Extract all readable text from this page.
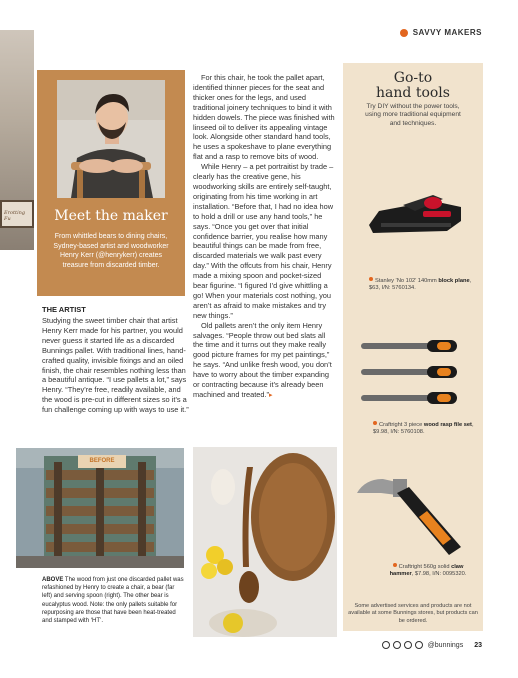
SAVVY MAKERS
Erotting Fu	Meet the maker

From whittled bears to dining chairs, Sydney-based artist and woodworker Henry Kerr (@henrykerr) creates treasure from discarded timber.

THE ARTIST

Studying the sweet timber chair that artist Henry Kerr made for his partner, you would never guess it started life as a discarded Bunnings pallet. With traditional lines, hand-crafted quality, invisible fixings and an oiled finish, the chair resembles nothing less than a beautiful antique. “I use pallets a lot,” says Henry. “They’re free, readily available, and the wood is pre-cut in different sizes so it’s a fun challenge coming up with ways to use it.”

For this chair, he took the pallet apart, identified thinner pieces for the seat and thicker ones for the legs, and used traditional joinery techniques to bind it with hidden dowels. The piece was finished with linseed oil to deliver its appealing vintage look. Alongside other standard hand tools, he uses a spokeshave to plane everything flat and a rasp to remove bits of wood.

While Henry – a pet portraitist by trade – clearly has the creative gene, his woodworking skills are entirely self-taught, originating from his time working in art installation. “Before that, I had no idea how to hold a drill or use any hand tools,” he says. “Once you get over that initial confidence barrier, you realise how many beautiful things can be made from free, discarded materials we walk past every day.” With the offcuts from his chair, Henry made a mixing spoon and pocket-sized bear figurine. “I figured I’d give whittling a go! When your materials cost nothing, you aren’t as afraid to make mistakes and try new things.”

Old pallets aren’t the only item Henry salvages. “People throw out bed slats all the time and it turns out they make really good picture frames for my pet paintings,” he says. “And unlike fresh wood, you don’t have to worry about the timber expanding or contracting because it’s already been machined and treated.”▸

Go-to
hand tools

Try DIY without the power tools, using more traditional equipment and techniques.

Stanley ‘No 102’ 140mm block plane, $63, I/N: 5760134.
Craftright 3 piece wood rasp file set, $9.98, I/N: 5760108.
Craftright 560g solid claw hammer, $7.98, I/N: 0095320.

Some advertised services and products are not available at some Bunnings stores, but products can be ordered.

BEFORE

ABOVE The wood from just one discarded pallet was refashioned by Henry to create a chair, a bear (far left) and serving spoon (right). The other bear is eucalyptus wood. Note: the only pallets suitable for repurposing are those that have been heat-treated and stamped with ‘HT’.

@bunnings 23
